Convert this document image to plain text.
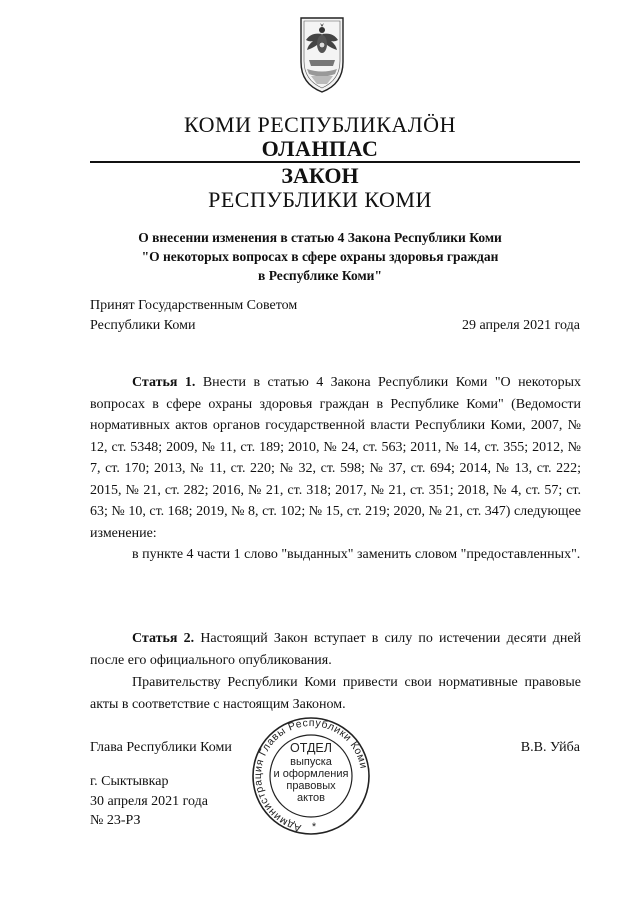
КОМИ РЕСПУБЛИКАЛÖН
ОЛАНПАС
ЗАКОН
РЕСПУБЛИКИ КОМИ
О внесении изменения в статью 4 Закона Республики Коми
"О некоторых вопросах в сфере охраны здоровья граждан
в Республике Коми"
Принят Государственным Советом
Республики Коми	29 апреля 2021 года

Статья 1. Внести в статью 4 Закона Республики Коми "О некоторых вопросах в сфере охраны здоровья граждан в Республике Коми" (Ведомости нормативных актов органов государственной власти Республики Коми, 2007, № 12, ст. 5348; 2009, № 11, ст. 189; 2010, № 24, ст. 563; 2011, № 14, ст. 355; 2012, № 7, ст. 170; 2013, № 11, ст. 220; № 32, ст. 598; № 37, ст. 694; 2014, № 13, ст. 222; 2015, № 21, ст. 282; 2016, № 21, ст. 318; 2017, № 21, ст. 351; 2018, № 4, ст. 57; ст. 63; № 10, ст. 168; 2019, № 8, ст. 102; № 15, ст. 219; 2020, № 21, ст. 347) следующее изменение:

в пункте 4 части 1 слово "выданных" заменить словом "предоставленных".

Статья 2. Настоящий Закон вступает в силу по истечении десяти дней после его официального опубликования.

Правительству Республики Коми привести свои нормативные правовые акты в соответствие с настоящим Законом.

Глава Республики Коми	В.В. Уйба
г. Сыктывкар
30 апреля 2021 года
№ 23-РЗ	Администрация Главы Республики Коми
ОТДЕЛ
выпуска
и оформления
правовых
актов
*
